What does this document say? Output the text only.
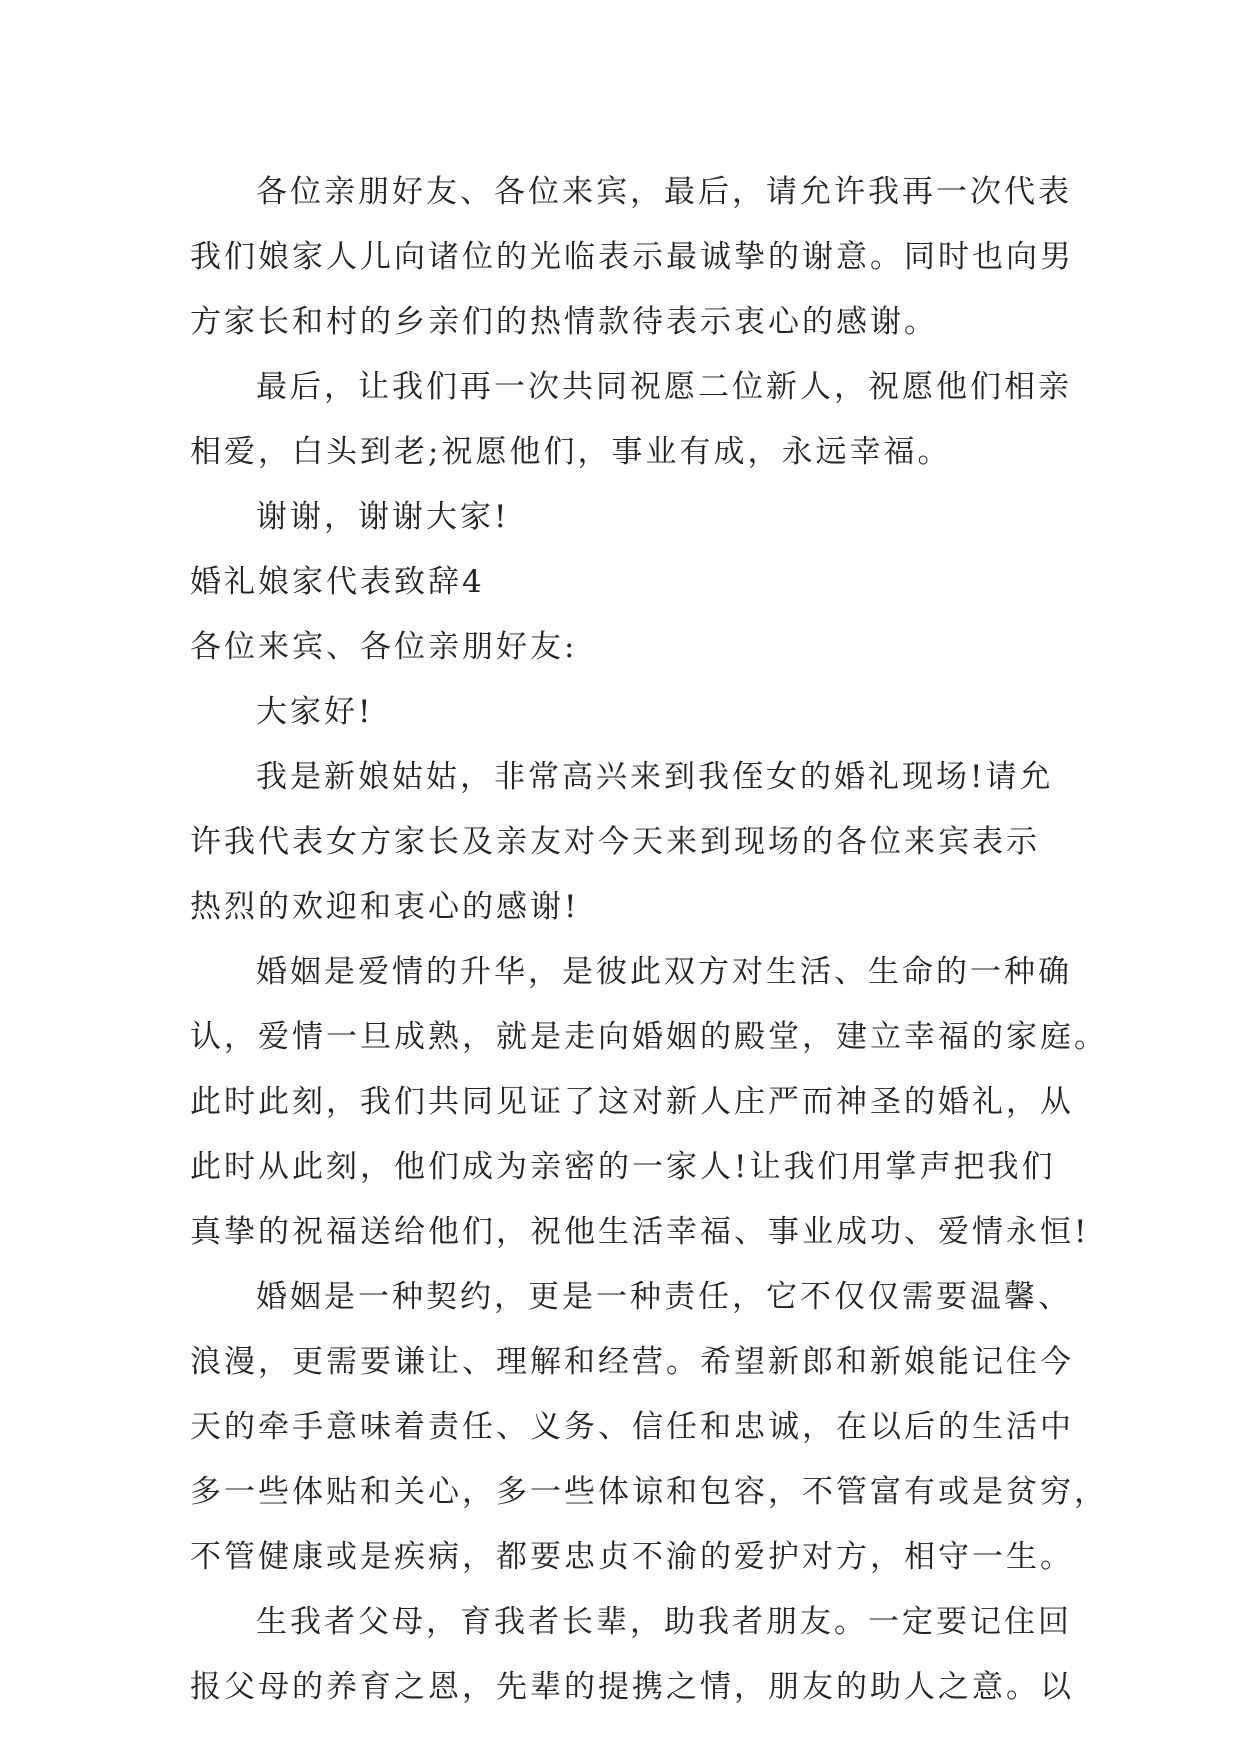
各位亲朋好友、各位来宾，最后，请允许我再一次代表
我们娘家人儿向诸位的光临表示最诚挚的谢意。同时也向男
方家长和村的乡亲们的热情款待表示衷心的感谢。
最后，让我们再一次共同祝愿二位新人，祝愿他们相亲
相爱，白头到老;祝愿他们，事业有成，永远幸福。
谢谢，谢谢大家!
婚礼娘家代表致辞4
各位来宾、各位亲朋好友:
大家好!
我是新娘姑姑，非常高兴来到我侄女的婚礼现场!请允
许我代表女方家长及亲友对今天来到现场的各位来宾表示
热烈的欢迎和衷心的感谢!
婚姻是爱情的升华，是彼此双方对生活、生命的一种确
认，爱情一旦成熟，就是走向婚姻的殿堂，建立幸福的家庭。
此时此刻，我们共同见证了这对新人庄严而神圣的婚礼，从
此时从此刻，他们成为亲密的一家人!让我们用掌声把我们
真挚的祝福送给他们，祝他生活幸福、事业成功、爱情永恒!
婚姻是一种契约，更是一种责任，它不仅仅需要温馨、
浪漫，更需要谦让、理解和经营。希望新郎和新娘能记住今
天的牵手意味着责任、义务、信任和忠诚，在以后的生活中
多一些体贴和关心，多一些体谅和包容，不管富有或是贫穷，
不管健康或是疾病，都要忠贞不渝的爱护对方，相守一生。
生我者父母，育我者长辈，助我者朋友。一定要记住回
报父母的养育之恩，先辈的提携之情，朋友的助人之意。以
